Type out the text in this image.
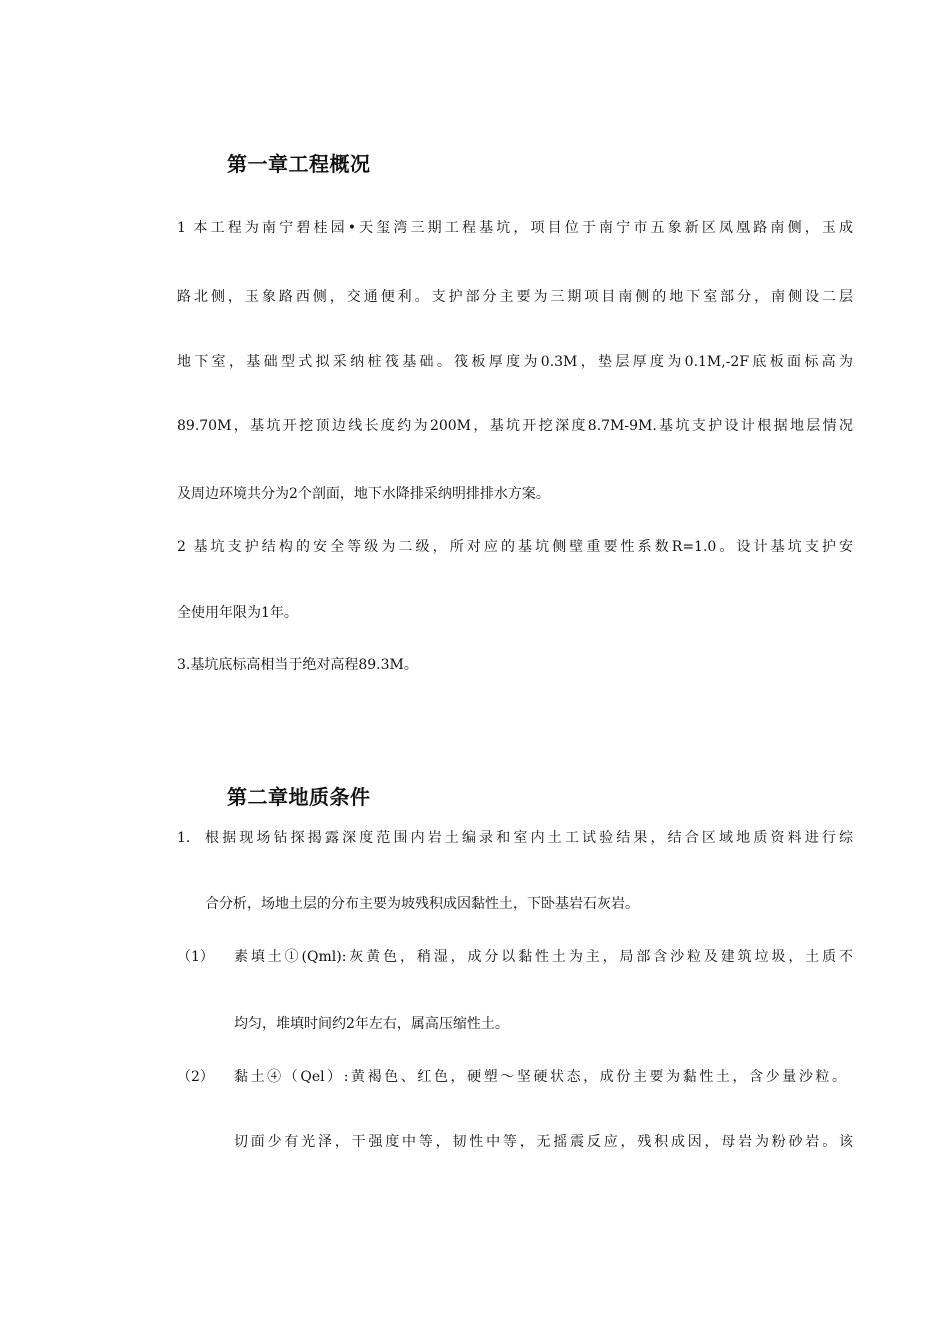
第一章工程概况
1 本工程为南宁碧桂园•天玺湾三期工程基坑，项目位于南宁市五象新区凤凰路南侧，玉成
路北侧，玉象路西侧，交通便利。支护部分主要为三期项目南侧的地下室部分，南侧设二层
地下室，基础型式拟采纳桩筏基础。筏板厚度为0.3M，垫层厚度为0.1M,-2F底板面标高为
89.70M，基坑开挖顶边线长度约为200M，基坑开挖深度8.7M-9M.基坑支护设计根据地层情况
及周边环境共分为2个剖面，地下水降排采纳明排排水方案。
2 基坑支护结构的安全等级为二级，所对应的基坑侧壁重要性系数R=1.0。设计基坑支护安
全使用年限为1年。
3.基坑底标高相当于绝对高程89.3M。
第二章地质条件
1. 根据现场钻探揭露深度范围内岩土编录和室内土工试验结果，结合区域地质资料进行综
合分析，场地土层的分布主要为坡残积成因黏性土，下卧基岩石灰岩。
（1） 素填土①(Qml):灰黄色，稍湿，成分以黏性土为主，局部含沙粒及建筑垃圾，土质不
均匀，堆填时间约2年左右，属高压缩性土。
（2） 黏土④（Qel）:黄褐色、红色，硬塑～坚硬状态，成份主要为黏性土，含少量沙粒。
切面少有光泽，干强度中等，韧性中等，无摇震反应，残积成因，母岩为粉砂岩。该
